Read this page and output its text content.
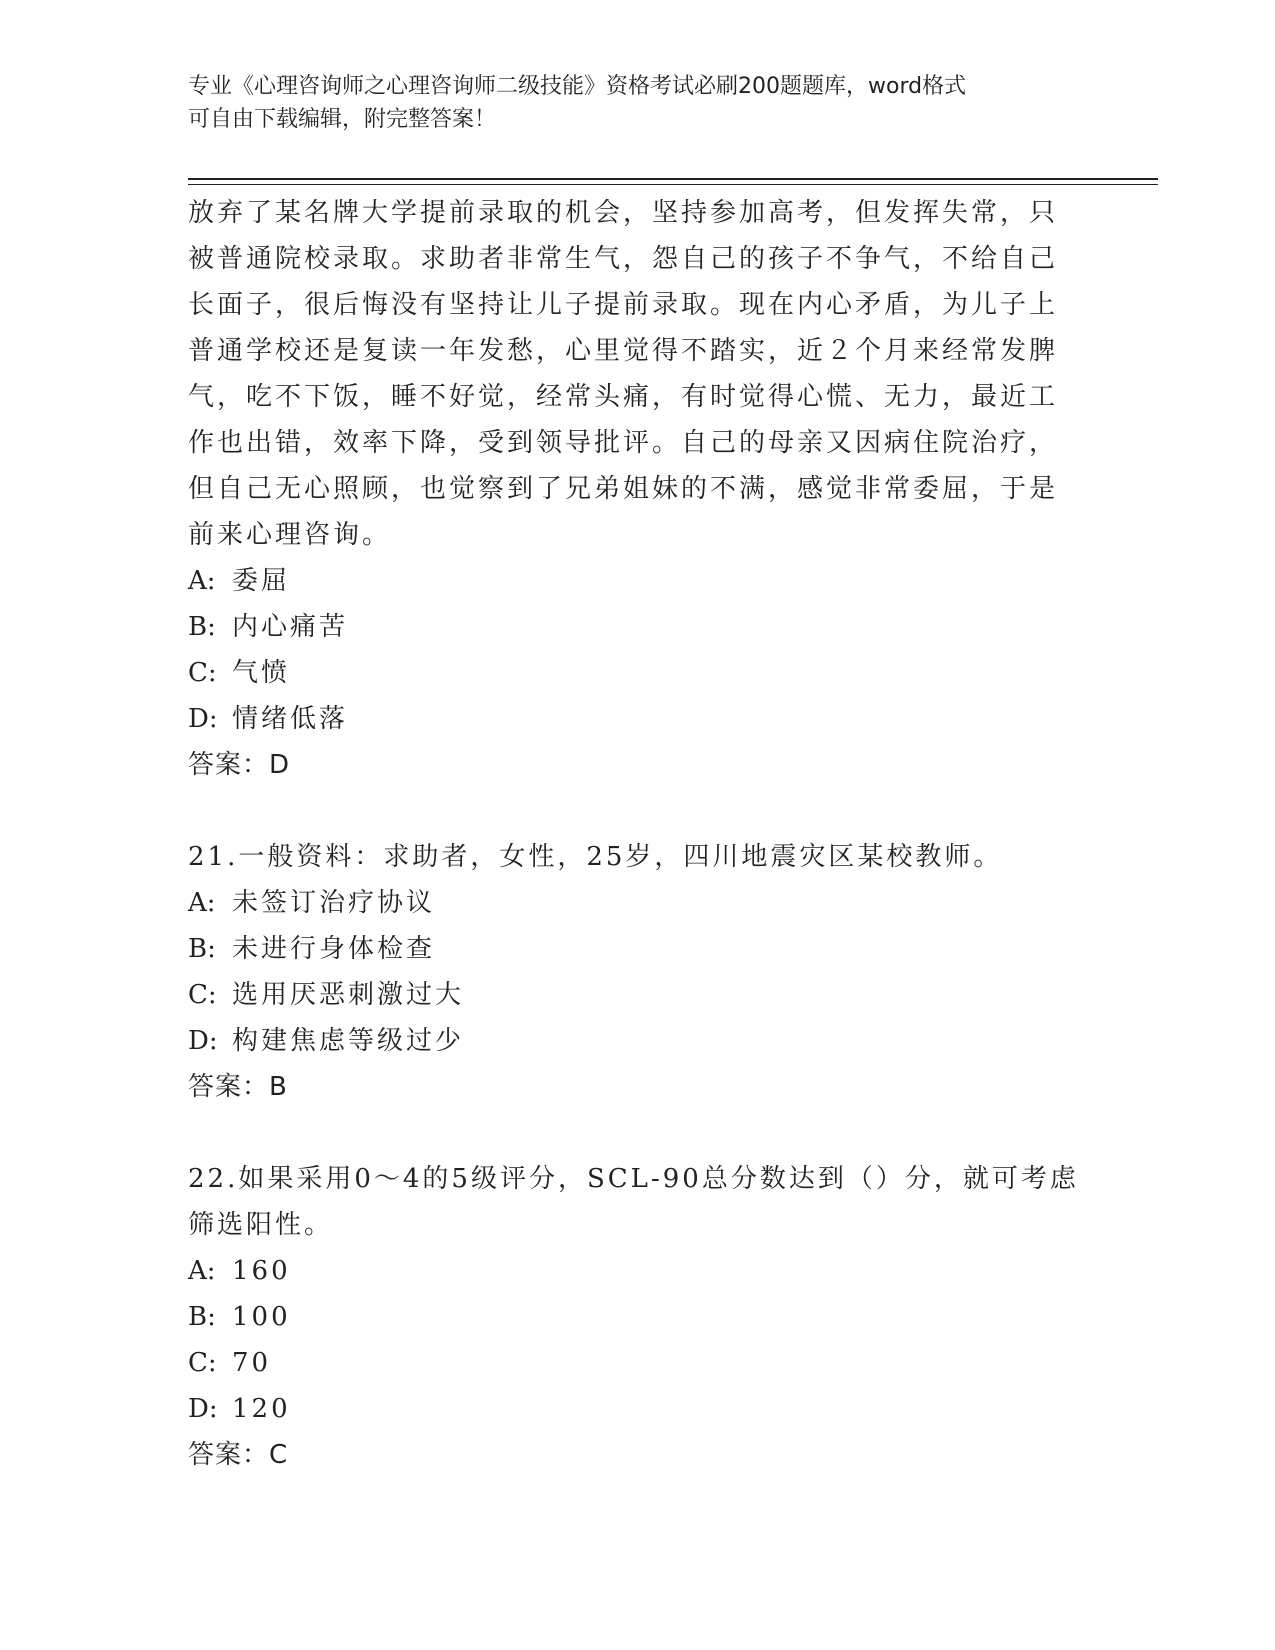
专业《心理咨询师之心理咨询师二级技能》资格考试必刷200题题库，word格式
可自由下载编辑，附完整答案！
放弃了某名牌大学提前录取的机会，坚持参加高考，但发挥失常，只
被普通院校录取。求助者非常生气，怨自己的孩子不争气，不给自己
长面子，很后悔没有坚持让儿子提前录取。现在内心矛盾，为儿子上
普通学校还是复读一年发愁，心里觉得不踏实，近２个月来经常发脾
气，吃不下饭，睡不好觉，经常头痛，有时觉得心慌、无力，最近工
作也出错，效率下降，受到领导批评。自己的母亲又因病住院治疗，
但自己无心照顾，也觉察到了兄弟姐妹的不满，感觉非常委屈，于是
前来心理咨询。
A: 委屈
B: 内心痛苦
C: 气愤
D: 情绪低落
答案：D
21.一般资料：求助者，女性，25岁，四川地震灾区某校教师。
A: 未签订治疗协议
B: 未进行身体检查
C: 选用厌恶刺激过大
D: 构建焦虑等级过少
答案：B
22.如果采用0～4的5级评分，SCL-90总分数达到（）分，就可考虑
筛选阳性。
A: 160
B: 100
C: 70
D: 120
答案：C
